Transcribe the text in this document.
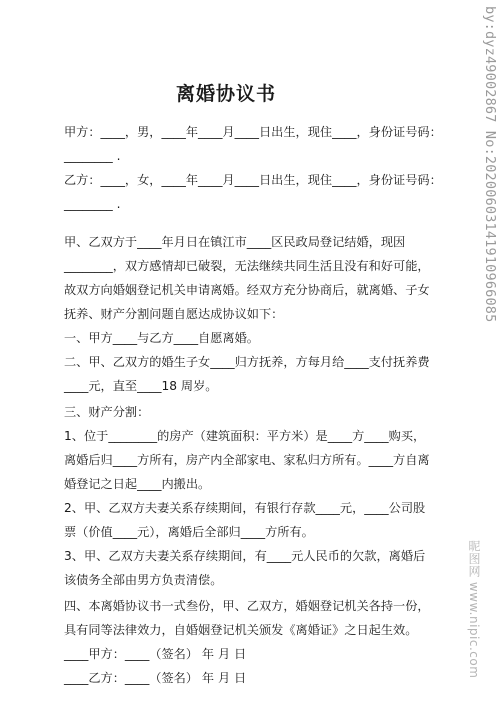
离婚协议书
甲方：____，男，____年____月____日出生，现住____，身份证号码：
________ .
乙方：____，女，____年____月____日出生，现住____，身份证号码：
________ .
甲、乙双方于____年月日在镇江市____区民政局登记结婚，现因
________，双方感情却已破裂，无法继续共同生活且没有和好可能，
故双方向婚姻登记机关申请离婚。经双方充分协商后，就离婚、子女
抚养、财产分割问题自愿达成协议如下：
一、甲方____与乙方____自愿离婚。
二、甲、乙双方的婚生子女____归方抚养，方每月给____支付抚养费
____元，直至____18 周岁。
三、财产分割：
1、位于________的房产（建筑面积：平方米）是____方____购买，
离婚后归____方所有，房产内全部家电、家私归方所有。____方自离
婚登记之日起____内搬出。
2、甲、乙双方夫妻关系存续期间，有银行存款____元，____公司股
票（价值____元），离婚后全部归____方所有。
3、甲、乙双方夫妻关系存续期间，有____元人民币的欠款，离婚后
该债务全部由男方负责清偿。
四、本离婚协议书一式叁份，甲、乙双方，婚姻登记机关各持一份，
具有同等法律效力，自婚姻登记机关颁发《离婚证》之日起生效。
____甲方：____（签名） 年 月 日
____乙方：____（签名） 年 月 日
by:dyz49002867 No:20200603141910966085
昵图网 www.nipic.com
